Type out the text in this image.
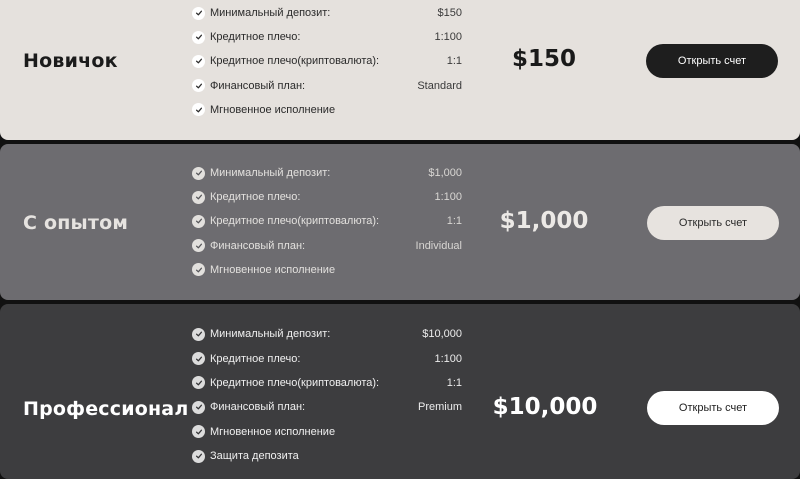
Новичок
Минимальный депозит:	$150
Кредитное плечо:	1:100
Кредитное плечо(криптовалюта):	1:1
Финансовый план:	Standard
Мгновенное исполнение
$150	Открыть счет
С опытом
Минимальный депозит:	$1,000
Кредитное плечо:	1:100
Кредитное плечо(криптовалюта):	1:1
Финансовый план:	Individual
Мгновенное исполнение
$1,000	Открыть счет
Профессионал
Минимальный депозит:	$10,000
Кредитное плечо:	1:100
Кредитное плечо(криптовалюта):	1:1
Финансовый план:	Premium
Мгновенное исполнение
Защита депозита
$10,000	Открыть счет
